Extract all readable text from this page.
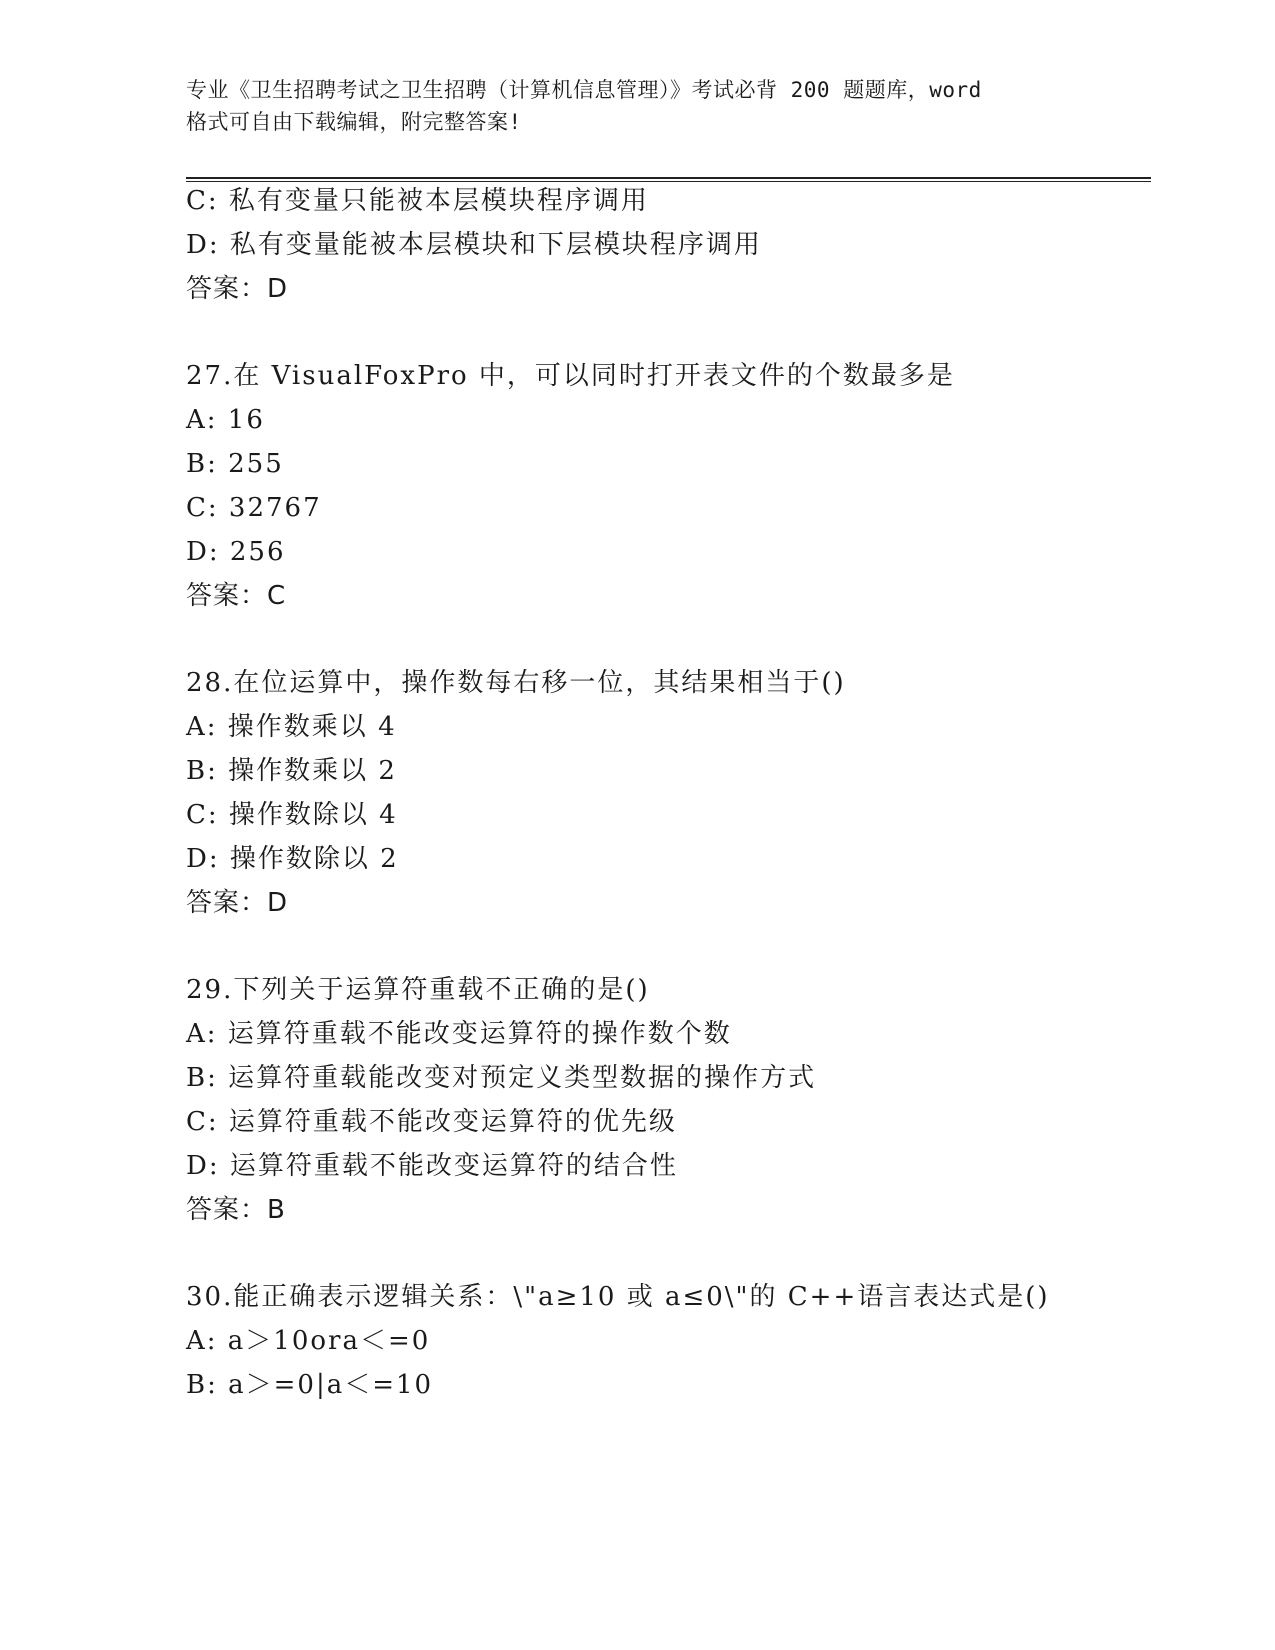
专业《卫生招聘考试之卫生招聘（计算机信息管理）》考试必背 200 题题库，word
格式可自由下载编辑，附完整答案!
C: 私有变量只能被本层模块程序调用
D: 私有变量能被本层模块和下层模块程序调用
答案：D
27.在 VisualFoxPro 中，可以同时打开表文件的个数最多是
A: 16
B: 255
C: 32767
D: 256
答案：C
28.在位运算中，操作数每右移一位，其结果相当于()
A: 操作数乘以 4
B: 操作数乘以 2
C: 操作数除以 4
D: 操作数除以 2
答案：D
29.下列关于运算符重载不正确的是()
A: 运算符重载不能改变运算符的操作数个数
B: 运算符重载能改变对预定义类型数据的操作方式
C: 运算符重载不能改变运算符的优先级
D: 运算符重载不能改变运算符的结合性
答案：B
30.能正确表示逻辑关系：\"a≥10 或 a≤0\"的 C++语言表达式是()
A: a＞10ora＜=0
B: a＞=0|a＜=10
